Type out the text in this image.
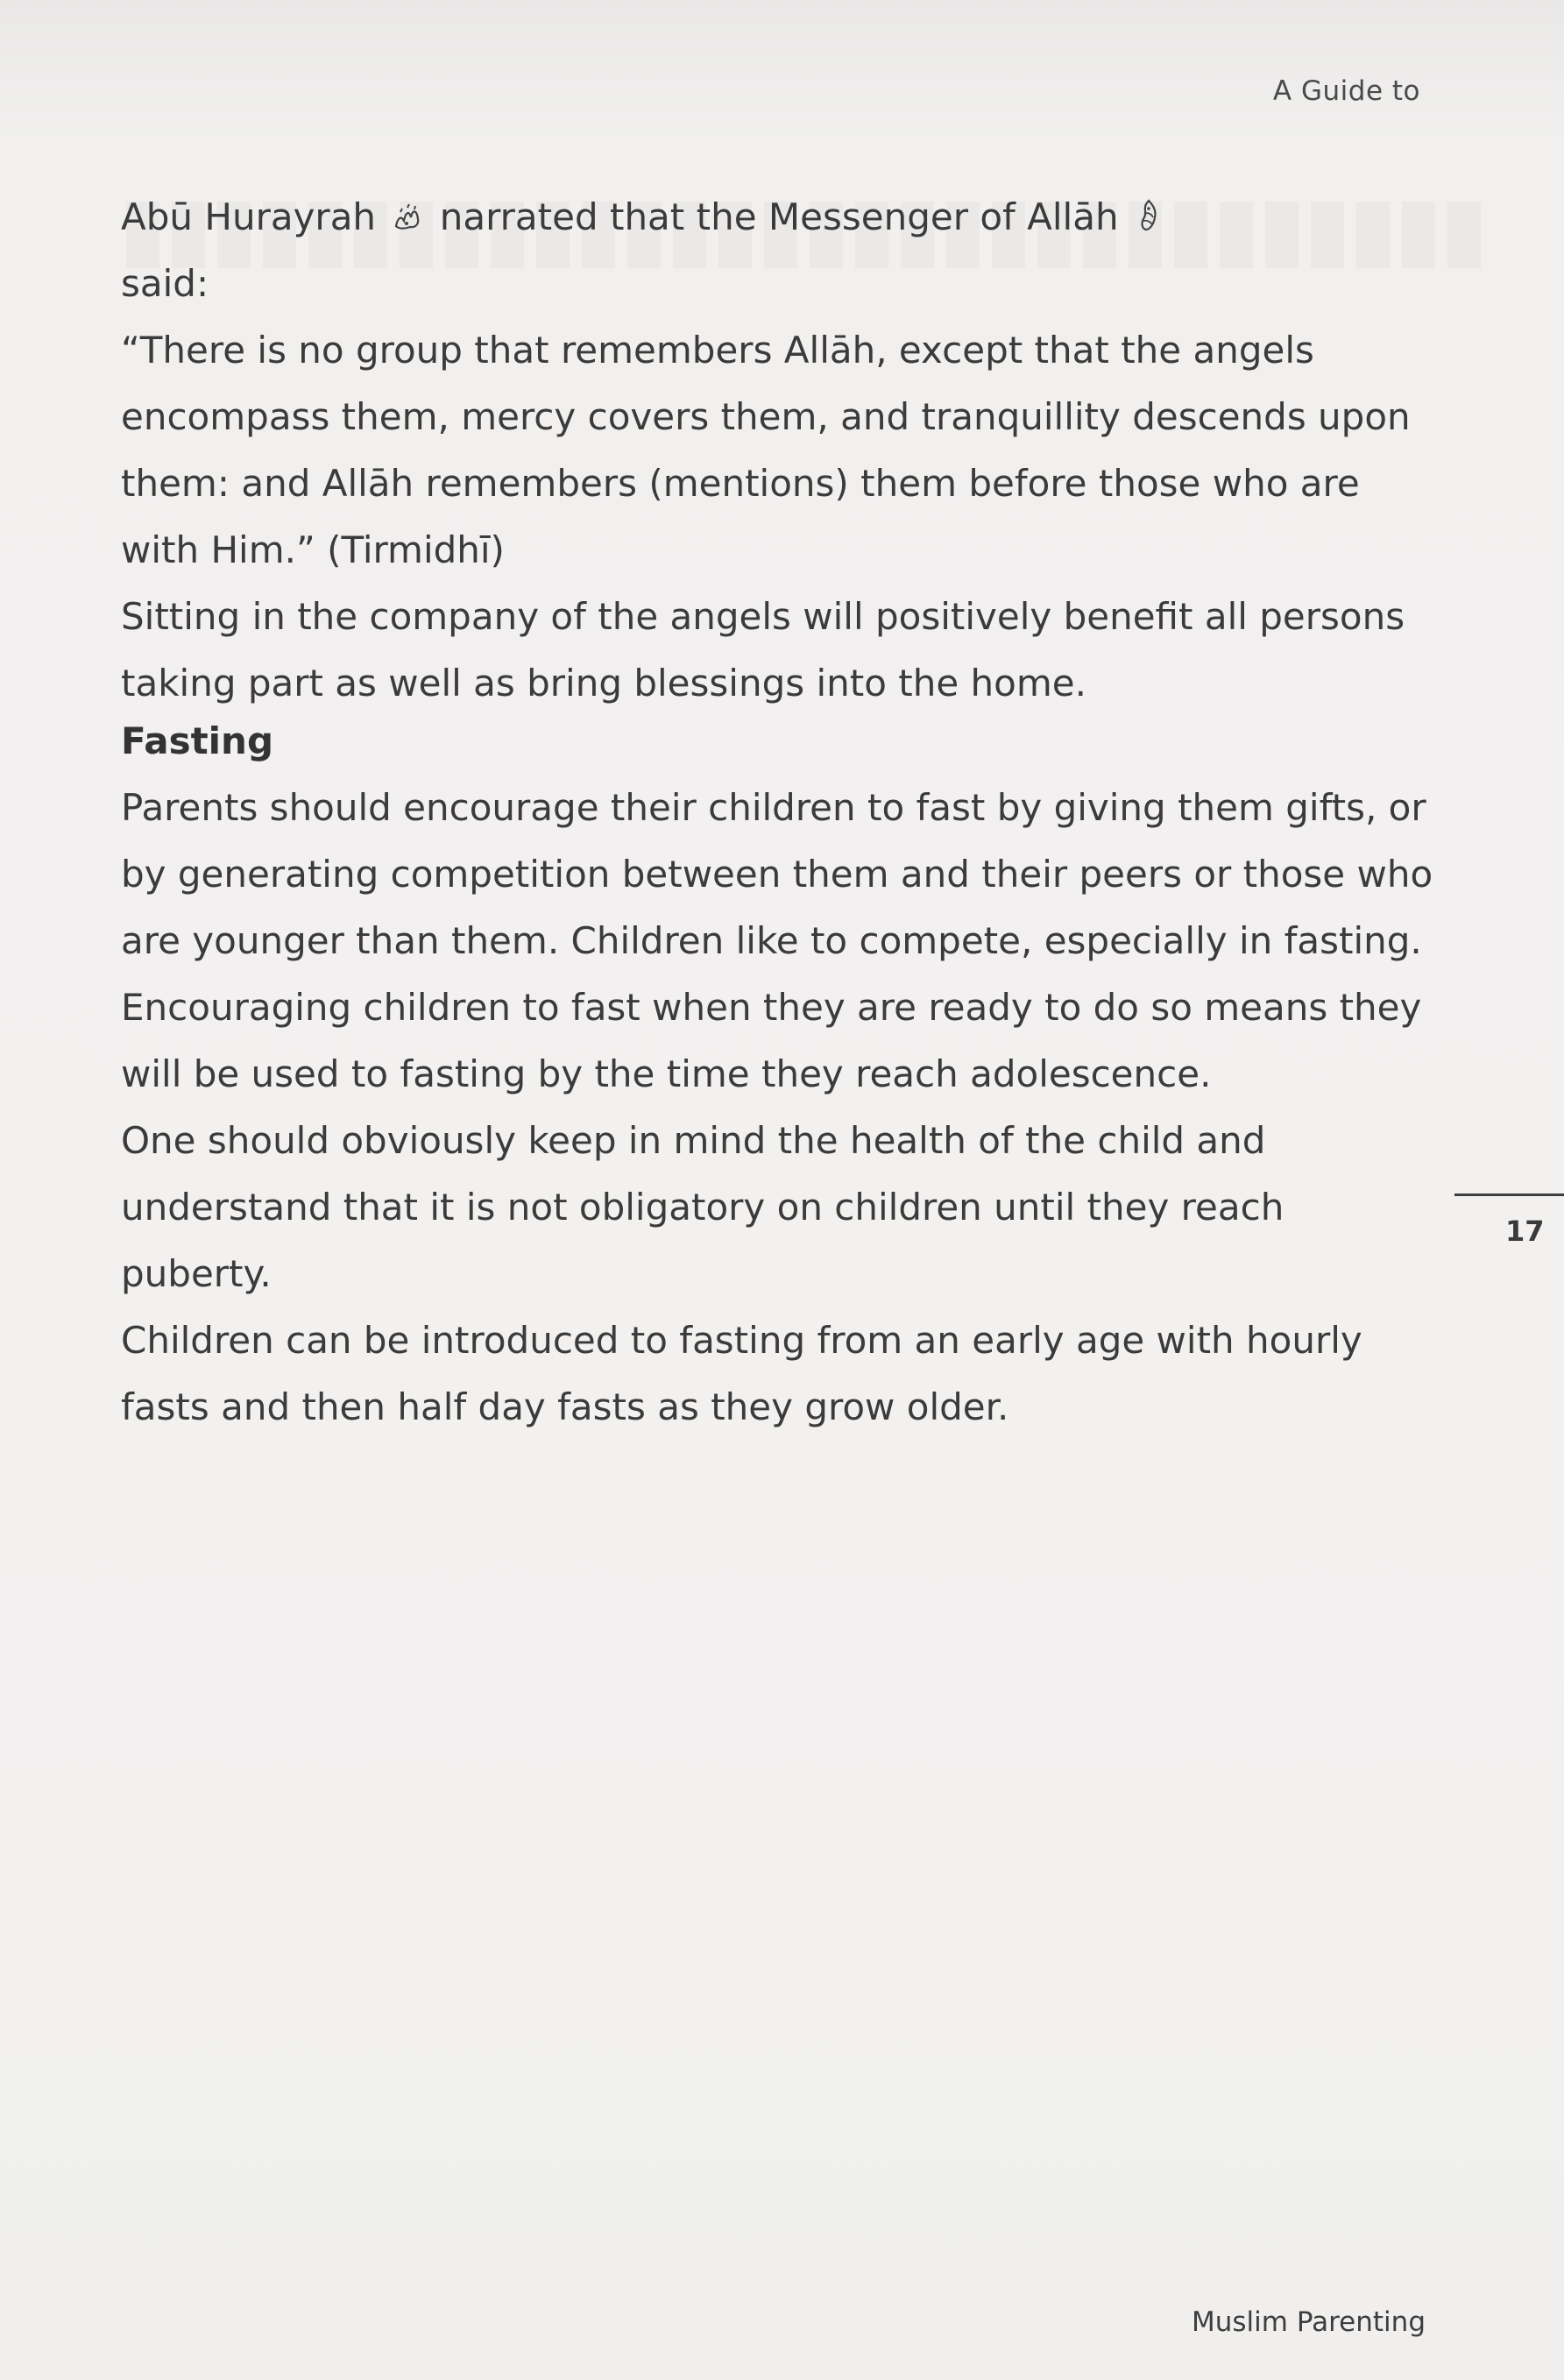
A Guide to

Abū Hurayrah narrated that the Messenger of Allāh
said:

“There is no group that remembers Allāh, except that the angels encompass them, mercy covers them, and tranquillity descends upon them: and Allāh remembers (mentions) them before those who are with Him.” (Tirmidhī)

Sitting in the company of the angels will positively benefit all persons taking part as well as bring blessings into the home.

Fasting

Parents should encourage their children to fast by giving them gifts, or by generating competition between them and their peers or those who are younger than them. Children like to compete, especially in fasting. Encouraging children to fast when they are ready to do so means they will be used to fasting by the time they reach adolescence.

One should obviously keep in mind the health of the child and understand that it is not obligatory on children until they reach puberty.

Children can be introduced to fasting from an early age with hourly fasts and then half day fasts as they grow older.

17
Muslim Parenting
